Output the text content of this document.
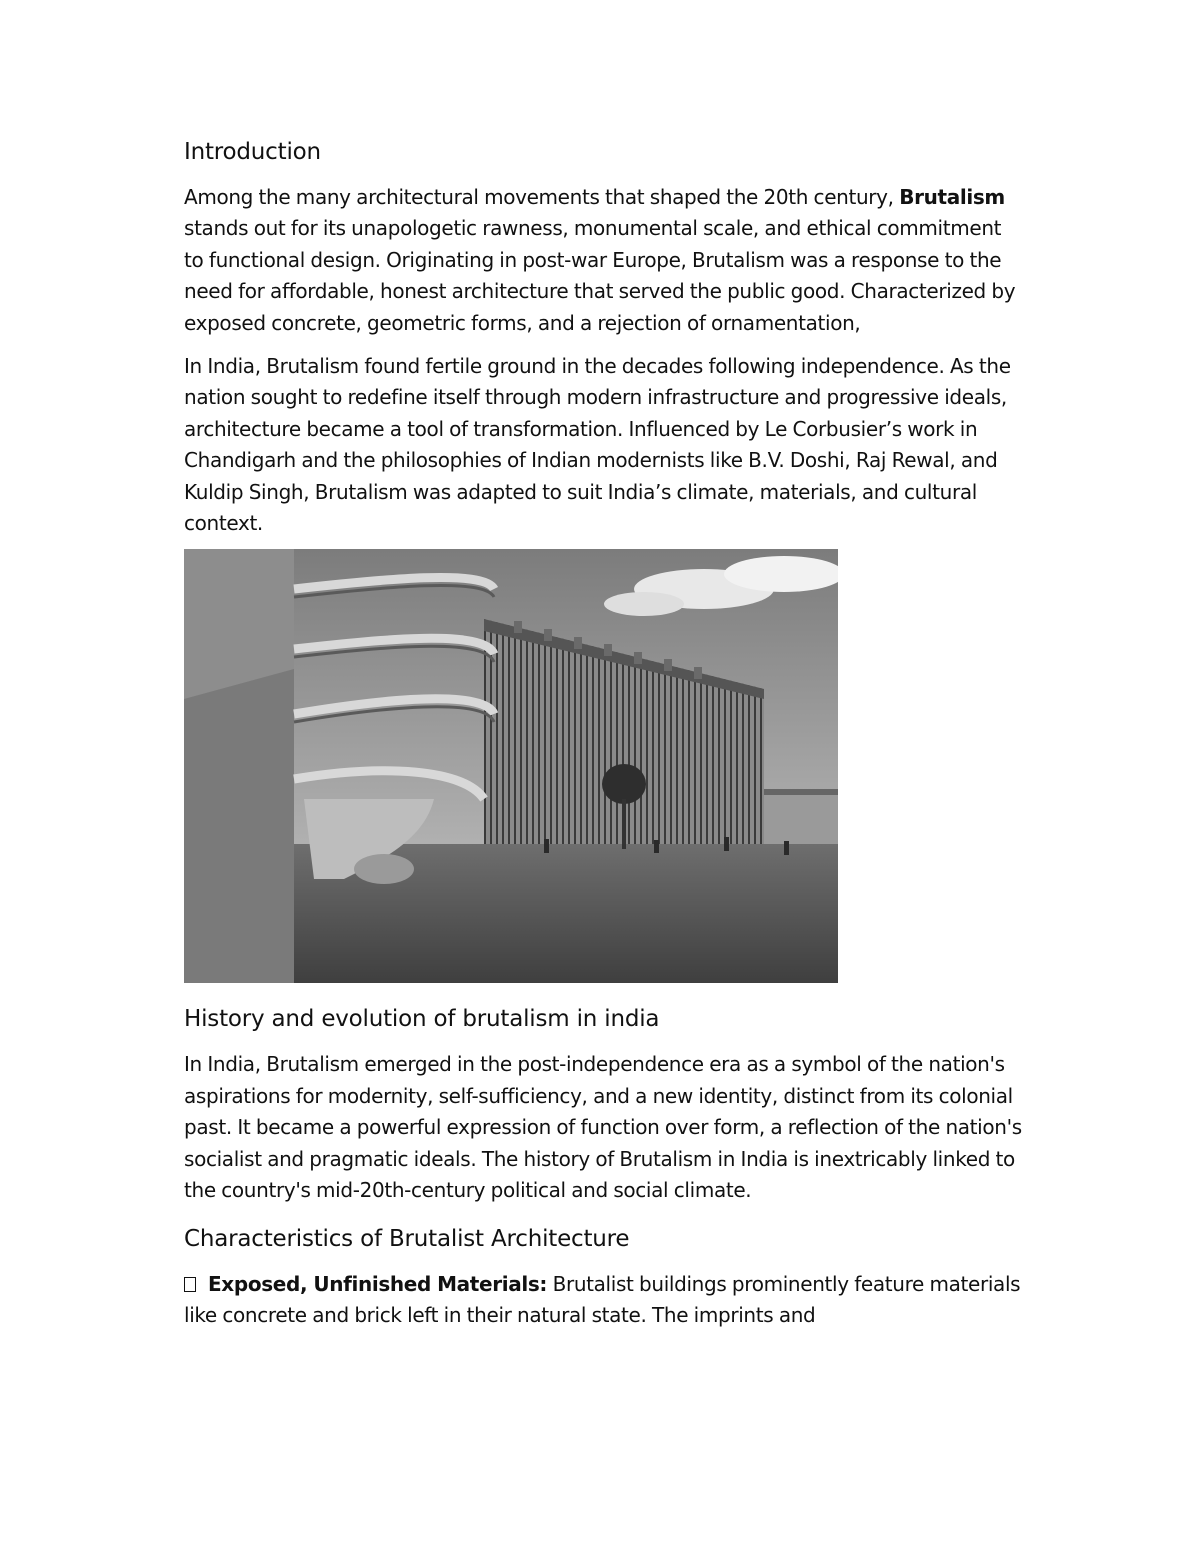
Introduction

Among the many architectural movements that shaped the 20th century, Brutalism stands out for its unapologetic rawness, monumental scale, and ethical commitment to functional design. Originating in post-war Europe, Brutalism was a response to the need for affordable, honest architecture that served the public good. Characterized by exposed concrete, geometric forms, and a rejection of ornamentation,

In India, Brutalism found fertile ground in the decades following independence. As the nation sought to redefine itself through modern infrastructure and progressive ideals, architecture became a tool of transformation. Influenced by Le Corbusier’s work in Chandigarh and the philosophies of Indian modernists like B.V. Doshi, Raj Rewal, and Kuldip Singh, Brutalism was adapted to suit India’s climate, materials, and cultural context.

History and evolution of brutalism in india

In India, Brutalism emerged in the post-independence era as a symbol of the nation's aspirations for modernity, self-sufficiency, and a new identity, distinct from its colonial past. It became a powerful expression of function over form, a reflection of the nation's socialist and pragmatic ideals. The history of Brutalism in India is inextricably linked to the country's mid-20th-century political and social climate.

Characteristics of Brutalist Architecture

Exposed, Unfinished Materials: Brutalist buildings prominently feature materials like concrete and brick left in their natural state. The imprints and
